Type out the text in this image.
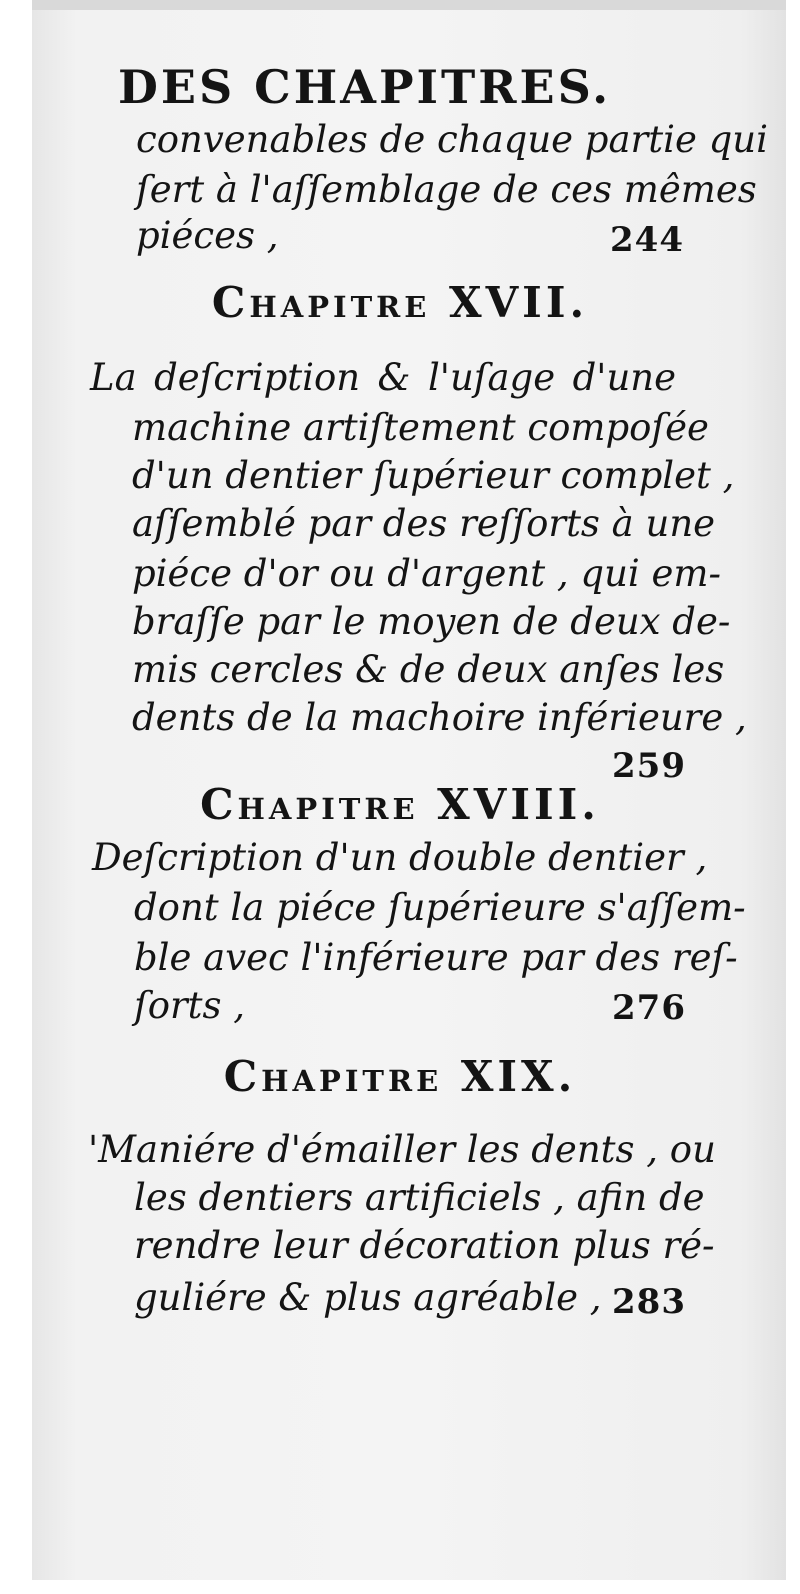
DES CHAPITRES.
convenables de chaque partie qui
ſert à l'aſſemblage de ces mêmes
piéces ,	244
Chapitre XVII.
La deſcription & l'uſage d'une
machine artiſtement compoſée
d'un dentier ſupérieur complet ,
aſſemblé par des reſſorts à une
piéce d'or ou d'argent , qui em-
braſſe par le moyen de deux de-
mis cercles & de deux anſes les
dents de la machoire inférieure ,
259
Chapitre XVIII.
Deſcription d'un double dentier ,
dont la piéce ſupérieure s'aſſem-
ble avec l'inférieure par des reſ-
ſorts ,	276
Chapitre XIX.
'Maniére d'émailler les dents , ou
les dentiers artificiels , afin de
rendre leur décoration plus ré-
guliére & plus agréable , 283
